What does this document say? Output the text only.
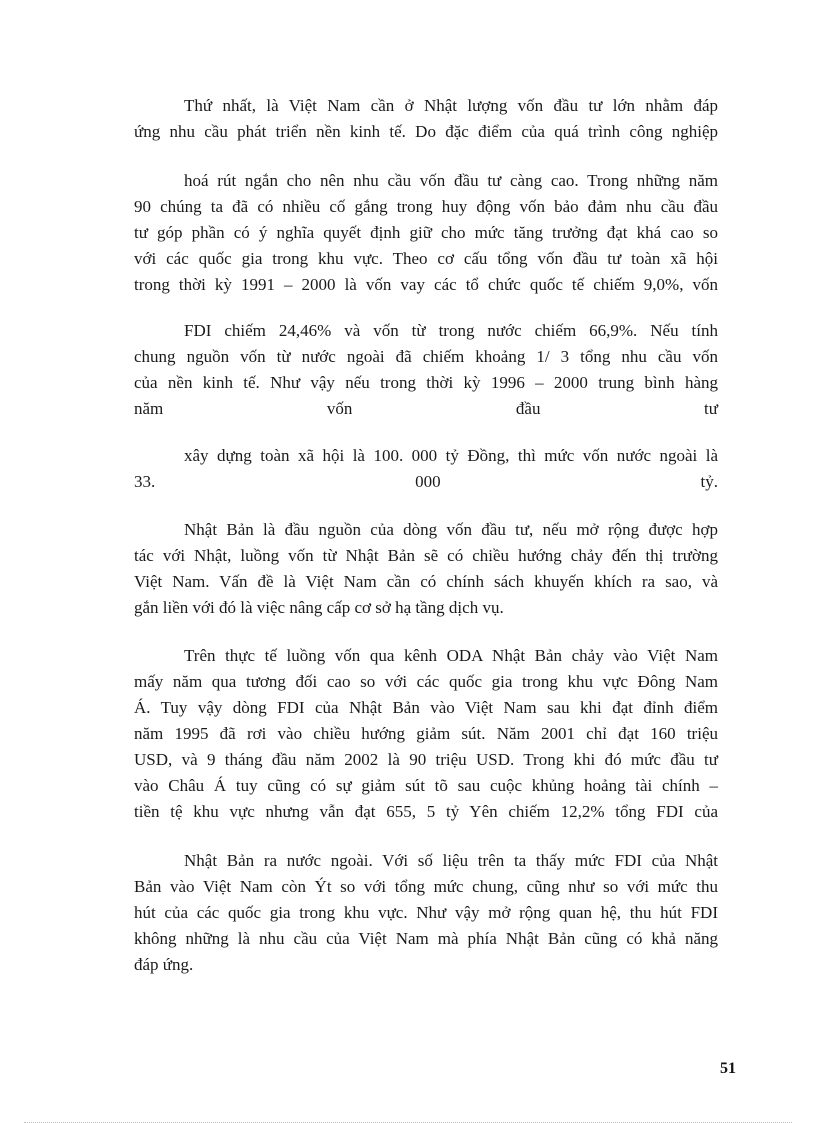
Thứ nhất, là Việt Nam cần ở Nhật lượng vốn đầu tư lớn nhằm đáp
ứng nhu cầu phát triển nền kinh tế. Do đặc điểm của quá trình công nghiệp
hoá rút ngắn cho nên nhu cầu vốn đầu tư càng cao. Trong những năm
90 chúng ta đã có nhiều cố gắng trong huy động vốn bảo đảm nhu cầu đầu
tư góp phần có ý nghĩa quyết định giữ cho mức tăng trưởng đạt khá cao so
với các quốc gia trong khu vực. Theo cơ cấu tổng vốn đầu tư toàn xã hội
trong thời kỳ 1991 – 2000 là vốn vay các tổ chức quốc tế chiếm 9,0%, vốn
FDI chiếm 24,46% và vốn từ trong nước chiếm 66,9%. Nếu tính
chung nguồn vốn từ nước ngoài đã chiếm khoảng 1/ 3 tổng nhu cầu vốn
của nền kinh tế. Như vậy nếu trong thời kỳ 1996 – 2000 trung bình hàng
năm vốn đầu tư
xây dựng toàn xã hội là 100. 000 tỷ Đồng, thì mức vốn nước ngoài là
33. 000 tỷ.
Nhật Bản là đầu nguồn của dòng vốn đầu tư, nếu mở rộng được hợp
tác với Nhật, luồng vốn từ Nhật Bản sẽ có chiều hướng chảy đến thị trường
Việt Nam. Vấn đề là Việt Nam cần có chính sách khuyến khích ra sao, và
gắn liền với đó là việc nâng cấp cơ sở hạ tầng dịch vụ.
Trên thực tế luồng vốn qua kênh ODA Nhật Bản chảy vào Việt Nam
mấy năm qua tương đối cao so với các quốc gia trong khu vực Đông Nam
Á. Tuy vậy dòng FDI của Nhật Bản vào Việt Nam sau khi đạt đỉnh điểm
năm 1995 đã rơi vào chiều hướng giảm sút. Năm 2001 chỉ đạt 160 triệu
USD, và 9 tháng đầu năm 2002 là 90 triệu USD. Trong khi đó mức đầu tư
vào Châu Á tuy cũng có sự giảm sút tõ sau cuộc khủng hoảng tài chính –
tiền tệ khu vực nhưng vẫn đạt 655, 5 tỷ Yên chiếm 12,2% tổng FDI của
Nhật Bản ra nước ngoài. Với số liệu trên ta thấy mức FDI của Nhật
Bản vào Việt Nam còn Ýt so với tổng mức chung, cũng như so với mức thu
hút của các quốc gia trong khu vực. Như vậy mở rộng quan hệ, thu hút FDI
không những là nhu cầu của Việt Nam mà phía Nhật Bản cũng có khả năng
đáp ứng.
51
